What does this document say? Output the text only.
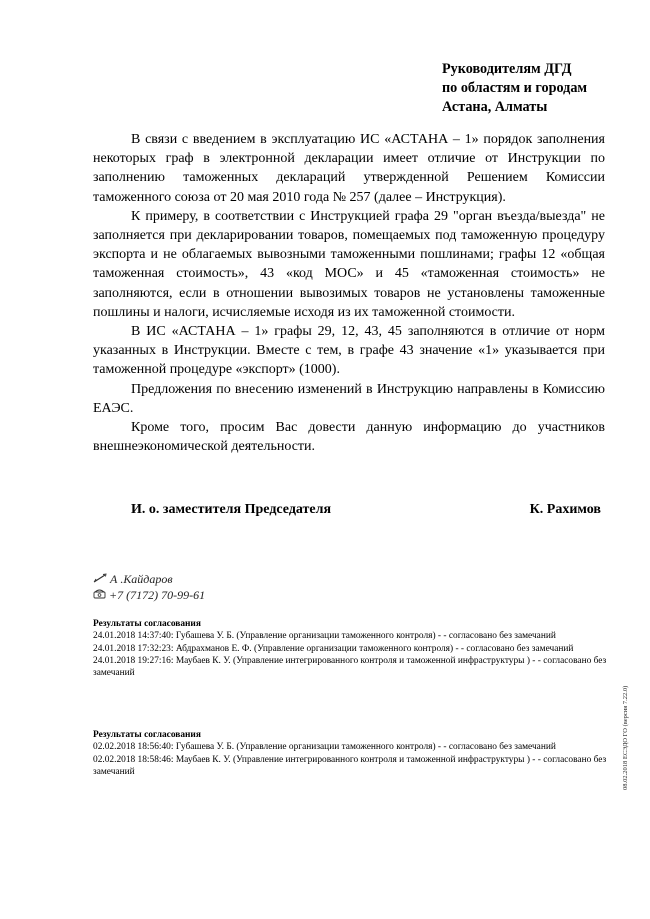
Руководителям ДГД
по областям и городам
Астана, Алматы

В связи с введением в эксплуатацию ИС «АСТАНА – 1» порядок заполнения некоторых граф в электронной декларации имеет отличие от Инструкции по заполнению таможенных деклараций утвержденной Решением Комиссии таможенного союза от 20 мая 2010 года № 257 (далее – Инструкция).

К примеру, в соответствии с Инструкцией графа 29 "орган въезда/выезда" не заполняется при декларировании товаров, помещаемых под таможенную процедуру экспорта и не облагаемых вывозными таможенными пошлинами; графы 12 «общая таможенная стоимость», 43 «код МОС» и 45 «таможенная стоимость» не заполняются, если в отношении вывозимых товаров не установлены таможенные пошлины и налоги, исчисляемые исходя из их таможенной стоимости.

В ИС «АСТАНА – 1» графы 29, 12, 43, 45 заполняются в отличие от норм указанных в Инструкции. Вместе с тем, в графе 43 значение «1» указывается при таможенной процедуре «экспорт» (1000).

Предложения по внесению изменений в Инструкцию направлены в Комиссию ЕАЭС.

Кроме того, просим Вас довести данную информацию до участников внешнеэкономической деятельности.

И. о. заместителя Председателя	К. Рахимов
А .Кайдаров
+7 (7172) 70-99-61
Результаты согласования
24.01.2018 14:37:40: Губашева У. Б. (Управление организации таможенного контроля) - - согласовано без замечаний
24.01.2018 17:32:23: Абдрахманов Е. Ф. (Управление организации таможенного контроля) - - согласовано без замечаний
24.01.2018 19:27:16: Маубаев К. У. (Управление интегрированного контроля и таможенной инфраструктуры ) - - согласовано без замечаний
Результаты согласования
02.02.2018 18:56:40: Губашева У. Б. (Управление организации таможенного контроля) - - согласовано без замечаний
02.02.2018 18:58:46: Маубаев К. У. (Управление интегрированного контроля и таможенной инфраструктуры ) - - согласовано без замечаний	08.02.2018 ЕСЭДО ГО (версия 7.22.0)
